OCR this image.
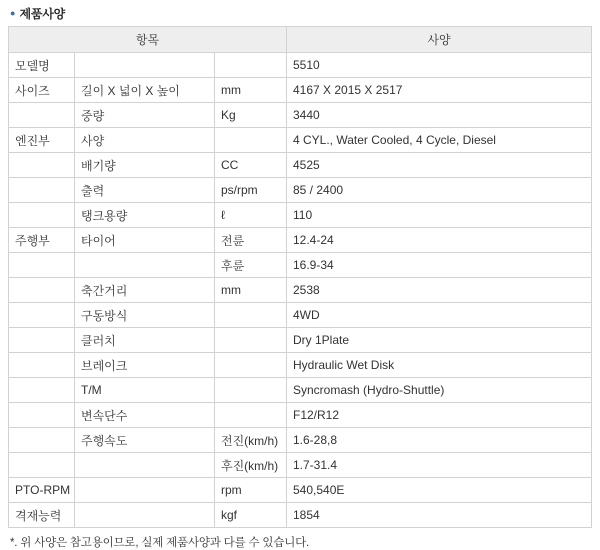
● 제품사양
항목			사양
모델명			5510
사이즈	길이 X 넓이 X 높이	mm	4167 X 2015 X 2517
	중량	Kg	3440
엔진부	사양		4 CYL., Water Cooled, 4 Cycle, Diesel
	배기량	CC	4525
	출력	ps/rpm	85 / 2400
	탱크용량	ℓ	110
주행부	타이어	전륜	12.4-24
		후륜	16.9-34
	축간거리	mm	2538
	구동방식		4WD
	클러치		Dry 1Plate
	브레이크		Hydraulic Wet Disk
	T/M		Syncromash (Hydro-Shuttle)
	변속단수		F12/R12
	주행속도	전진(km/h)	1.6-28,8
		후진(km/h)	1.7-31.4
PTO-RPM		rpm	540,540E
격재능력		kgf	1854
*. 위 사양은 참고용이므로, 실제 제품사양과 다를 수 있습니다.
